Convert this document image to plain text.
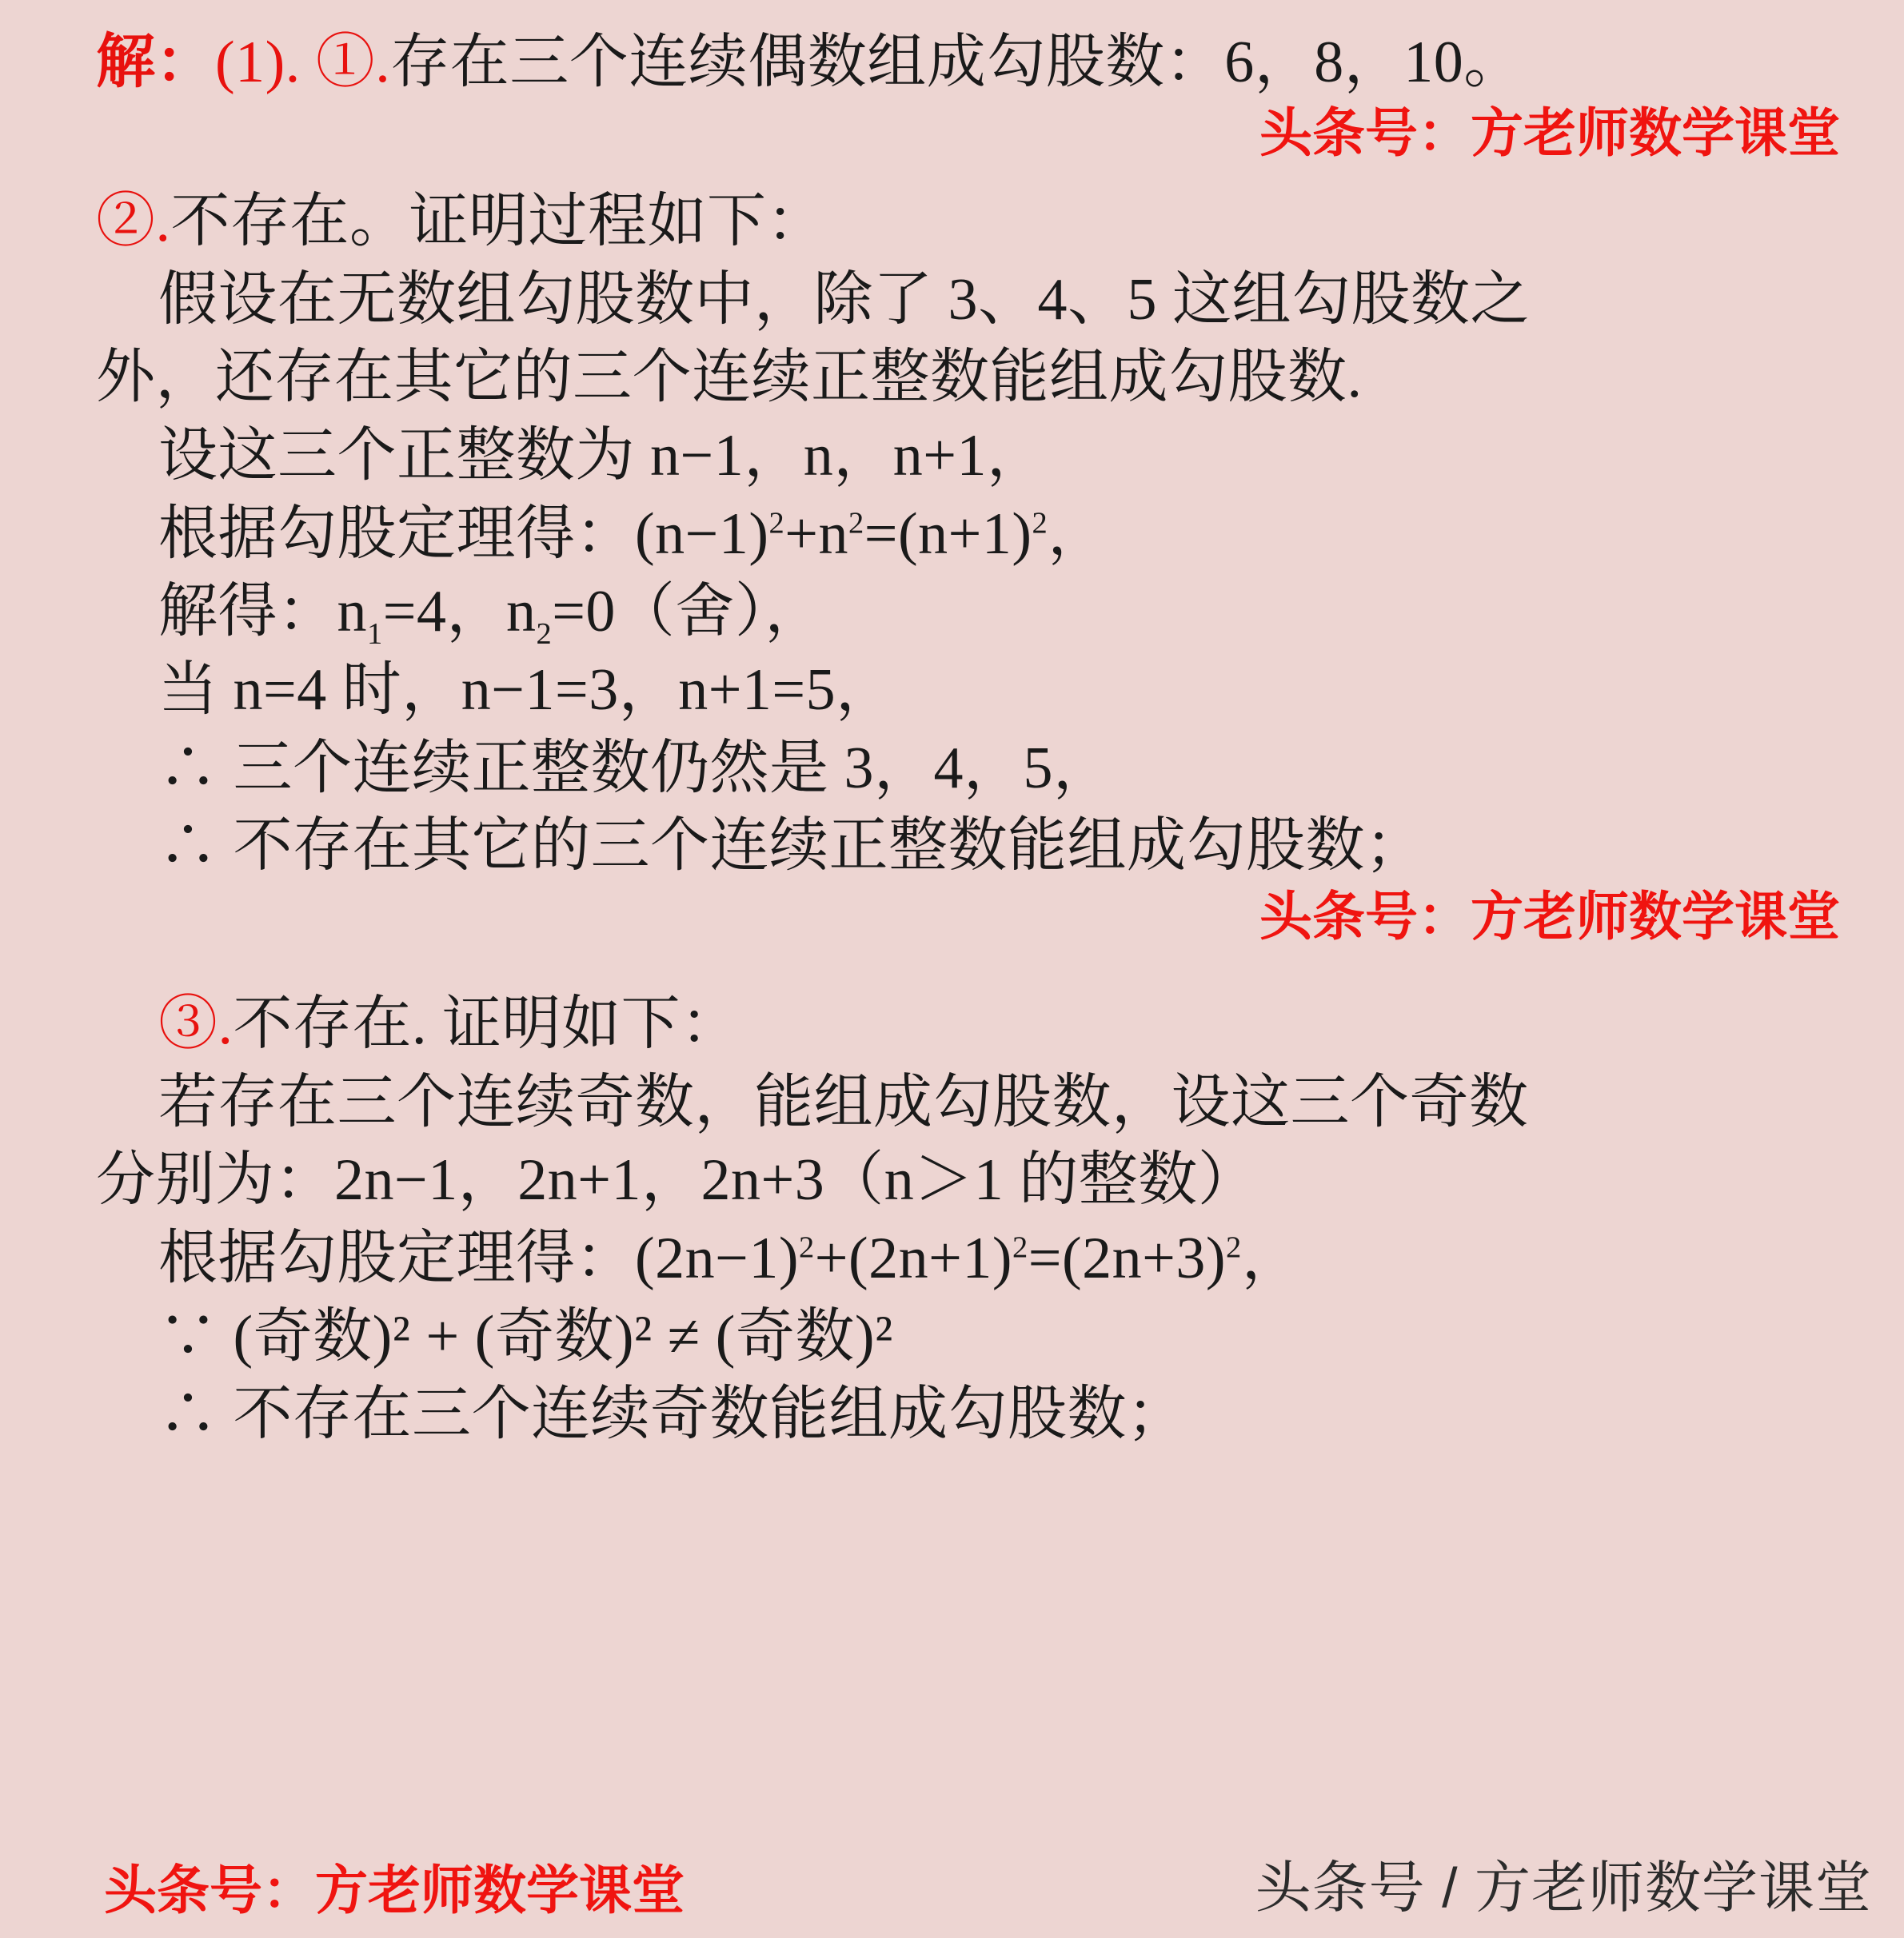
解：(1). ①.存在三个连续偶数组成勾股数：6，8，10。
头条号：方老师数学课堂
②.不存在。证明过程如下：
假设在无数组勾股数中，除了 3、4、5 这组勾股数之
外，还存在其它的三个连续正整数能组成勾股数.
设这三个正整数为 n−1，n，n+1，
根据勾股定理得：$(n-1)^2+n^2=(n+1)^2$，
解得：$n_1=4$，$n_2=0$（舍），
当 n=4 时，n−1=3，n+1=5，
∴ 三个连续正整数仍然是 3，4，5，
∴ 不存在其它的三个连续正整数能组成勾股数；
头条号：方老师数学课堂
③.不存在. 证明如下：
若存在三个连续奇数，能组成勾股数，设这三个奇数
分别为：2n−1，2n+1，2n+3（n＞1 的整数）
根据勾股定理得：$(2n-1)^2+(2n+1)^2=(2n+3)^2$，
∵ (奇数)² + (奇数)² ≠ (奇数)²
∴ 不存在三个连续奇数能组成勾股数；
头条号：方老师数学课堂	头条号 / 方老师数学课堂
